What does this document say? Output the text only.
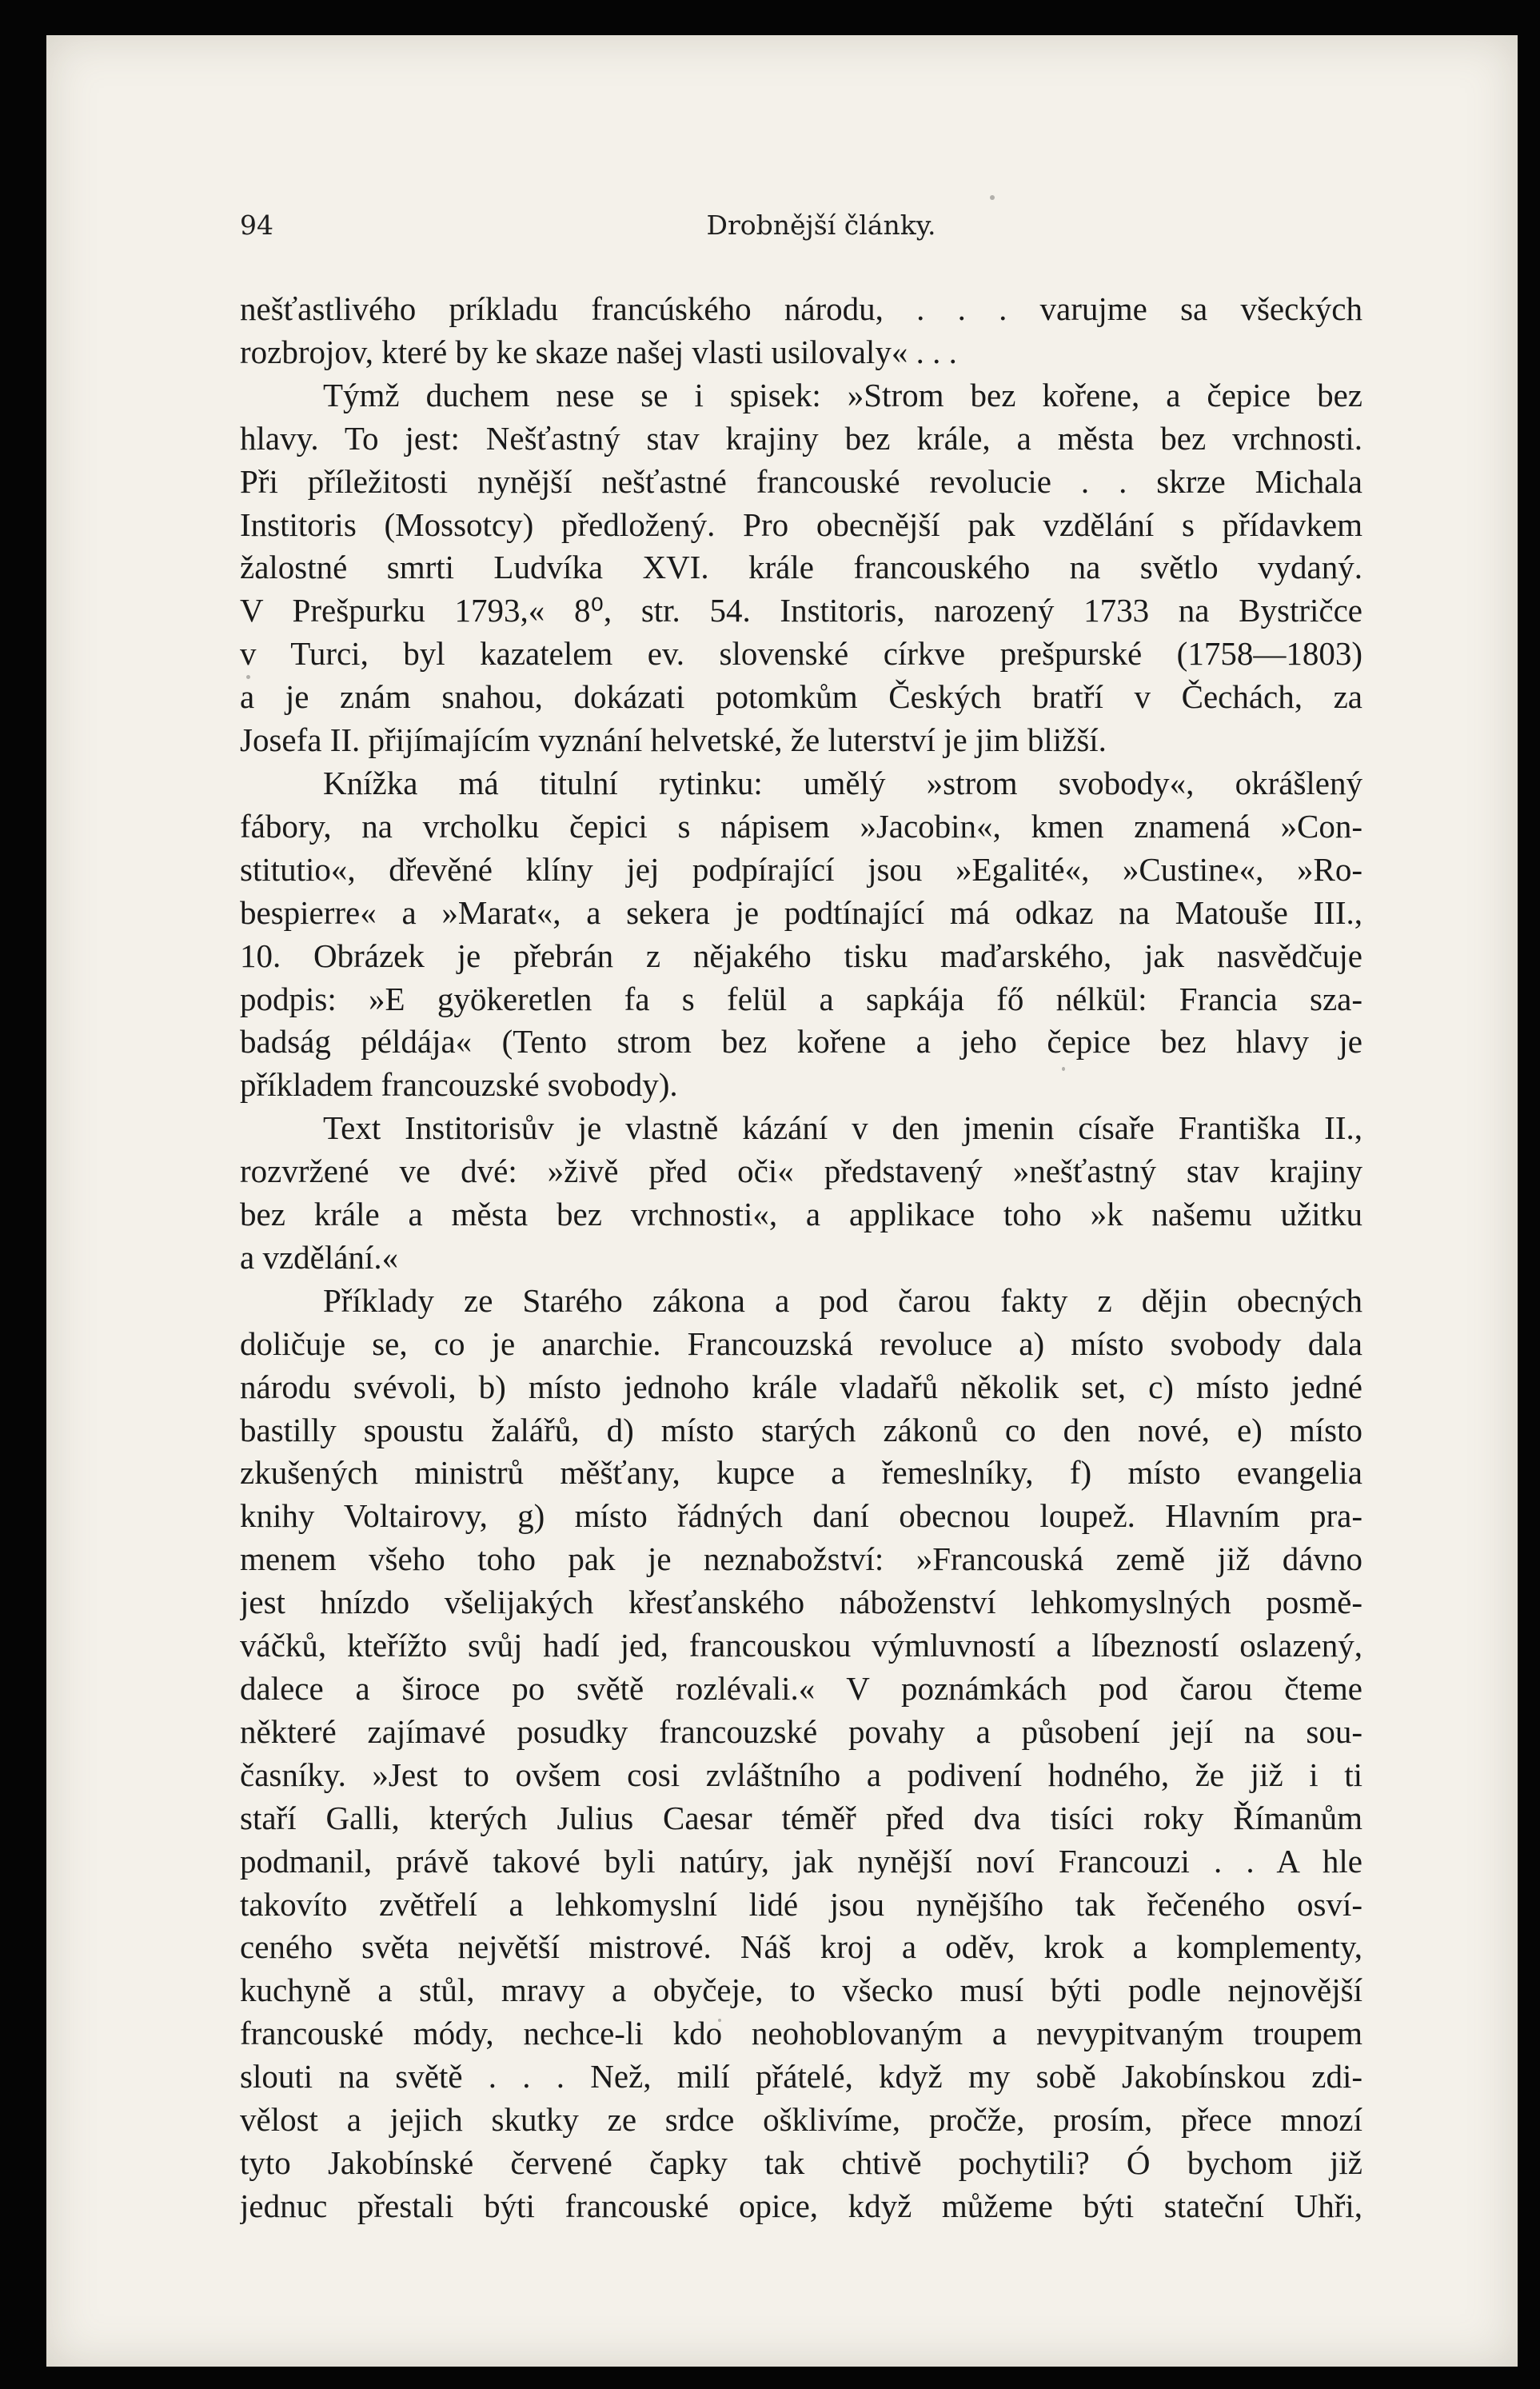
94	Drobnější články.
nešťastlivého príkladu francúského národu, . . . varujme sa všeckých
rozbrojov, které by ke skaze našej vlasti usilovaly« . . .
Týmž duchem nese se i spisek: »Strom bez kořene, a čepice bez
hlavy. To jest: Nešťastný stav krajiny bez krále, a města bez vrchnosti.
Při příležitosti nynější nešťastné francouské revolucie . . skrze Michala
Institoris (Mossotcy) předložený. Pro obecnější pak vzdělání s přídavkem
žalostné smrti Ludvíka XVI. krále francouského na světlo vydaný.
V Prešpurku 1793,« 8⁰, str. 54. Institoris, narozený 1733 na Bystričce
v Turci, byl kazatelem ev. slovenské církve prešpurské (1758—1803)
a je znám snahou, dokázati potomkům Českých bratří v Čechách, za
Josefa II. přijímajícím vyznání helvetské, že luterství je jim bližší.
Knížka má titulní rytinku: umělý »strom svobody«, okrášlený
fábory, na vrcholku čepici s nápisem »Jacobin«, kmen znamená »Con-
stitutio«, dřevěné klíny jej podpírající jsou »Egalité«, »Custine«, »Ro-
bespierre« a »Marat«, a sekera je podtínající má odkaz na Matouše III.,
10. Obrázek je přebrán z nějakého tisku maďarského, jak nasvědčuje
podpis: »E gyökeretlen fa s felül a sapkája fő nélkül: Francia sza-
badság példája« (Tento strom bez kořene a jeho čepice bez hlavy je
příkladem francouzské svobody).
Text Institorisův je vlastně kázání v den jmenin císaře Františka II.,
rozvržené ve dvé: »živě před oči« představený »nešťastný stav krajiny
bez krále a města bez vrchnosti«, a applikace toho »k našemu užitku
a vzdělání.«
Příklady ze Starého zákona a pod čarou fakty z dějin obecných
doličuje se, co je anarchie. Francouzská revoluce a) místo svobody dala
národu svévoli, b) místo jednoho krále vladařů několik set, c) místo jedné
bastilly spoustu žalářů, d) místo starých zákonů co den nové, e) místo
zkušených ministrů měšťany, kupce a řemeslníky, f) místo evangelia
knihy Voltairovy, g) místo řádných daní obecnou loupež. Hlavním pra-
menem všeho toho pak je neznabožství: »Francouská země již dávno
jest hnízdo všelijakých křesťanského náboženství lehkomyslných posmě-
váčků, kteřížto svůj hadí jed, francouskou výmluvností a líbezností oslazený,
dalece a široce po světě rozlévali.« V poznámkách pod čarou čteme
některé zajímavé posudky francouzské povahy a působení její na sou-
časníky. »Jest to ovšem cosi zvláštního a podivení hodného, že již i ti
staří Galli, kterých Julius Caesar téměř před dva tisíci roky Římanům
podmanil, právě takové byli natúry, jak nynější noví Francouzi . . A hle
takovíto zvětřelí a lehkomyslní lidé jsou nynějšího tak řečeného osví-
ceného světa největší mistrové. Náš kroj a oděv, krok a komplementy,
kuchyně a stůl, mravy a obyčeje, to všecko musí býti podle nejnovější
francouské módy, nechce-li kdo neohoblovaným a nevypitvaným troupem
slouti na světě . . . Než, milí přátelé, když my sobě Jakobínskou zdi-
vělost a jejich skutky ze srdce ošklivíme, pročže, prosím, přece mnozí
tyto Jakobínské červené čapky tak chtivě pochytili? Ó bychom již
jednuc přestali býti francouské opice, když můžeme býti stateční Uhři,
